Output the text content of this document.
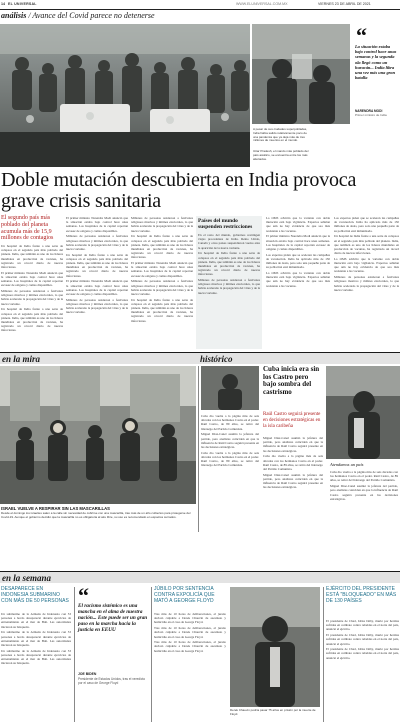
14 EL UNIVERSAL	WWW.ELUNIVERSAL.COM.MX	VIERNES 23 DE ABRIL DE 2021
análisis / Avance del Covid parece no detenerse
A pesar de sus ciudades superpobladas, India había salido relativamente poco de una pandemia que ya deja más de tres millones de muertos en el mundo.
Uttar Pradesh, el mando más poblado del país asiático, se encuentra entre los más afectados.
“
La situación estaba bajo control hace unas semanas y la segunda ola llegó como un huracán... India libra una vez más una gran batalla
NARENDRA MODI
Primer ministro de India
Doble mutación descubierta en India provoca grave crisis sanitaria
El segundo país más poblado del planeta acumula más de 15,9 millones de contagios

Un hospital de India frente a una serie de colapsos en el segundo país más poblado del planeta. India, que también es uno de los líderes mundiales en producción de vacunas, ha registrado un récord diario de nuevas infecciones.

El primer ministro Narendra Modi anunció que la situación estaba bajo control hace unas semanas. Los hospitales de la capital reportan escasez de oxígeno y camas disponibles.

Millones de personas asistieron a festivales religiosos masivos y mítines electorales, lo que habría acelerado la propagación del virus y de la nueva variante.

Un hospital de India frente a una serie de colapsos en el segundo país más poblado del planeta. India, que también es uno de los líderes mundiales en producción de vacunas, ha registrado un récord diario de nuevas infecciones.

El primer ministro Narendra Modi anunció que la situación estaba bajo control hace unas semanas. Los hospitales de la capital reportan escasez de oxígeno y camas disponibles.

Millones de personas asistieron a festivales religiosos masivos y mítines electorales, lo que habría acelerado la propagación del virus y de la nueva variante.

Un hospital de India frente a una serie de colapsos en el segundo país más poblado del planeta. India, que también es uno de los líderes mundiales en producción de vacunas, ha registrado un récord diario de nuevas infecciones.

El primer ministro Narendra Modi anunció que la situación estaba bajo control hace unas semanas. Los hospitales de la capital reportan escasez de oxígeno y camas disponibles.

Millones de personas asistieron a festivales religiosos masivos y mítines electorales, lo que habría acelerado la propagación del virus y de la nueva variante.

Millones de personas asistieron a festivales religiosos masivos y mítines electorales, lo que habría acelerado la propagación del virus y de la nueva variante.

Un hospital de India frente a una serie de colapsos en el segundo país más poblado del planeta. India, que también es uno de los líderes mundiales en producción de vacunas, ha registrado un récord diario de nuevas infecciones.

El primer ministro Narendra Modi anunció que la situación estaba bajo control hace unas semanas. Los hospitales de la capital reportan escasez de oxígeno y camas disponibles.

Millones de personas asistieron a festivales religiosos masivos y mítines electorales, lo que habría acelerado la propagación del virus y de la nueva variante.

Un hospital de India frente a una serie de colapsos en el segundo país más poblado del planeta. India, que también es uno de los líderes mundiales en producción de vacunas, ha registrado un récord diario de nuevas infecciones.

Países del mundo suspenden restricciones

En el resto del mundo, gobiernos restringen viajes procedentes de India. Reino Unido, Canadá y otros países suspendieron vuelos ante la aparición de la nueva variante.

Un hospital de India frente a una serie de colapsos en el segundo país más poblado del planeta. India, que también es uno de los líderes mundiales en producción de vacunas, ha registrado un récord diario de nuevas infecciones.

Millones de personas asistieron a festivales religiosos masivos y mítines electorales, lo que habría acelerado la propagación del virus y de la nueva variante.

La OMS advirtió que la variante con doble mutación está bajo vigilancia. Expertos señalan que aún no hay evidencia de que sea más resistente a las vacunas.

El primer ministro Narendra Modi anunció que la situación estaba bajo control hace unas semanas. Los hospitales de la capital reportan escasez de oxígeno y camas disponibles.

Los expertos piden que se aceleren las campañas de vacunación. India ha aplicado más de 130 millones de dosis, pero solo una pequeña parte de su población está inmunizada.

La OMS advirtió que la variante con doble mutación está bajo vigilancia. Expertos señalan que aún no hay evidencia de que sea más resistente a las vacunas.

Los expertos piden que se aceleren las campañas de vacunación. India ha aplicado más de 130 millones de dosis, pero solo una pequeña parte de su población está inmunizada.

Un hospital de India frente a una serie de colapsos en el segundo país más poblado del planeta. India, que también es uno de los líderes mundiales en producción de vacunas, ha registrado un récord diario de nuevas infecciones.

La OMS advirtió que la variante con doble mutación está bajo vigilancia. Expertos señalan que aún no hay evidencia de que sea más resistente a las vacunas.

Millones de personas asistieron a festivales religiosos masivos y mítines electorales, lo que habría acelerado la propagación del virus y de la nueva variante.

en la mira	histórico
ISRAEL VUELVE A RESPIRAR SIN LAS MASCARILLAS
Desde el domingo los israelíes salen a la calle sin necesidad de cubrirse con una mascarilla, tras más de un año cubiertos para protegerse del Covid-19. Aunque el gobierno decidió que la mascarilla no es obligatoria al aire libre, su uso es recomendado en espacios cerrados.
Cuba inicia era sin los Castro pero bajo sombra del castrismo
Raúl Castro seguirá presente en decisiones estratégicas en la isla caribeña

Cuba dio vuelta a la página más de seis décadas con los hermanos Castro en el poder. Raúl Castro, de 89 años, se retiró del liderazgo del Partido Comunista.

Miguel Díaz-Canel asumió la jefatura del partido, pero analistas coinciden en que la influencia de Raúl Castro seguirá presente en las decisiones estratégicas.

Cuba dio vuelta a la página más de seis décadas con los hermanos Castro en el poder. Raúl Castro, de 89 años, se retiró del liderazgo del Partido Comunista.

Miguel Díaz-Canel asumió la jefatura del partido, pero analistas coinciden en que la influencia de Raúl Castro seguirá presente en las decisiones estratégicas.

Cuba dio vuelta a la página más de seis décadas con los hermanos Castro en el poder. Raúl Castro, de 89 años, se retiró del liderazgo del Partido Comunista.

Miguel Díaz-Canel asumió la jefatura del partido, pero analistas coinciden en que la influencia de Raúl Castro seguirá presente en las decisiones estratégicas.

Atendamos un país

Cuba dio vuelta a la página más de seis décadas con los hermanos Castro en el poder. Raúl Castro, de 89 años, se retiró del liderazgo del Partido Comunista.

Miguel Díaz-Canel asumió la jefatura del partido, pero analistas coinciden en que la influencia de Raúl Castro seguirá presente en las decisiones estratégicas.

en la semana
DESAPARECE EN INDONESIA SUBMARINO CON MÁS DE 50 PERSONAS

Un submarino de la Armada de Indonesia con 53 personas a bordo desapareció durante ejercicios de entrenamiento en el mar de Bali. Las autoridades iniciaron su búsqueda.

Un submarino de la Armada de Indonesia con 53 personas a bordo desapareció durante ejercicios de entrenamiento en el mar de Bali. Las autoridades iniciaron su búsqueda.

Un submarino de la Armada de Indonesia con 53 personas a bordo desapareció durante ejercicios de entrenamiento en el mar de Bali. Las autoridades iniciaron su búsqueda.

“
El racismo sistémico es una mancha en el alma de nuestra nación... Este puede ser un gran paso en la marcha hacia la justicia en EEUU
JOE BIDEN
Presidente de Estados Unidos, tras el veredicto por el caso de George Floyd
JÚBILO POR SENTENCIA CONTRA EXPOLICÍA QUE MATÓ A GEORGE FLOYD

Tras más de 10 horas de deliberaciones, el jurado declaró culpable a Derek Chauvin de asesinato y homicidio en el caso de George Floyd.

Tras más de 10 horas de deliberaciones, el jurado declaró culpable a Derek Chauvin de asesinato y homicidio en el caso de George Floyd.

Tras más de 10 horas de deliberaciones, el jurado declaró culpable a Derek Chauvin de asesinato y homicidio en el caso de George Floyd.

Derek Chauvin podría pasar 75 años en prisión por la muerte de Floyd.
EJÉRCITO DEL PRESIDENTE ESTÁ "BLOQUEADO" EN MÁS DE 130 PAÍSES

El presidente de Chad, Idriss Déby, murió por heridas sufridas en combate contra rebeldes en el norte del país, anunció el ejército.

El presidente de Chad, Idriss Déby, murió por heridas sufridas en combate contra rebeldes en el norte del país, anunció el ejército.

El presidente de Chad, Idriss Déby, murió por heridas sufridas en combate contra rebeldes en el norte del país, anunció el ejército.
